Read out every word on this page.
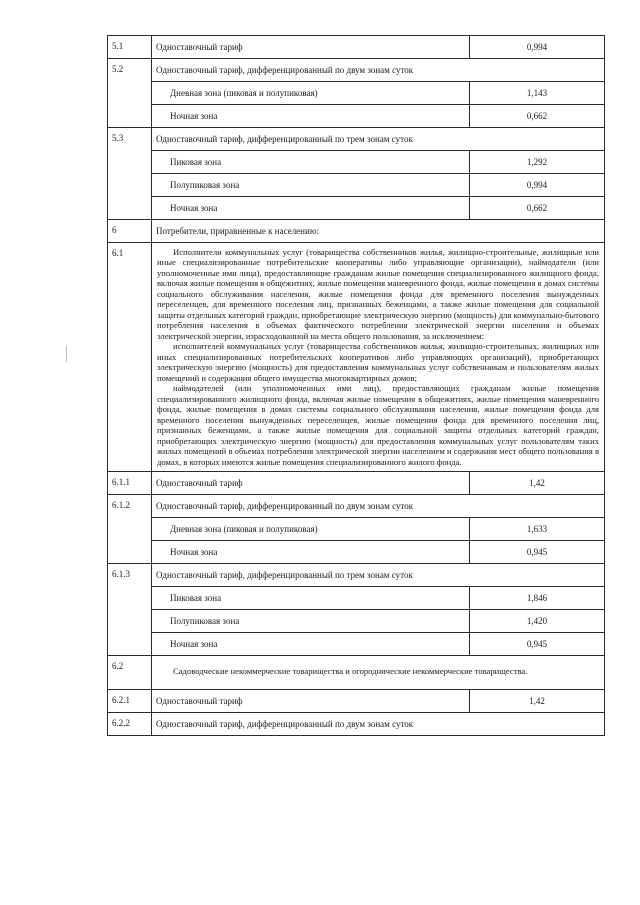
5.1	Одноставочный тариф	0,994
5.2	Одноставочный тариф, дифференцированный по двум зонам суток	
	Дневная зона (пиковая и полупиковая)	1,143
	Ночная зона	0,662
5.3	Одноставочный тариф, дифференцированный по трем зонам суток	
	Пиковая зона	1,292
	Полупиковая зона	0,994
	Ночная зона	0,662
6	Потребители, приравненные к населению:	
6.1	Исполнители коммунальных услуг (товарищества собственников жилья, жилищно-строительные, жилищные или иные специализированные потребительские кооперативы либо управляющие организации), наймодатели (или уполномоченные ими лица), предоставляющие гражданам жилые помещения специализированного жилищного фонда, включая жилые помещения в общежитиях, жилые помещения маневренного фонда, жилые помещения в домах системы социального обслуживания населения, жилые помещения фонда для временного поселения вынужденных переселенцев, для временного поселения лиц, признанных беженцами, а также жилые помещения для социальной защиты отдельных категорий граждан, приобретающие электрическую энергию (мощность) для коммунально-бытового потребления населения в объемах фактического потребления электрической энергии населения и объемах электрической энергии, израсходованной на места общего пользования, за исключением:

исполнителей коммунальных услуг (товарищества собственников жилья, жилищно-строительных, жилищных или иных специализированных потребительских кооперативов либо управляющих организаций), приобретающих электрическую энергию (мощность) для предоставления коммунальных услуг собственникам и пользователям жилых помещений и содержания общего имущества многоквартирных домов;

наймодателей (или уполномоченных ими лиц), предоставляющих гражданам жилые помещения специализированного жилищного фонда, включая жилые помещения в общежитиях, жилые помещения маневренного фонда, жилые помещения в домах системы социального обслуживания населения, жилые помещения фонда для временного поселения вынужденных переселенцев, жилые помещения фонда для временного поселения лиц, признанных беженцами, а также жилые помещения для социальной защиты отдельных категорий граждан, приобретающих электрическую энергию (мощность) для предоставления коммунальных услуг пользователям таких жилых помещений в объемах потребления электрической энергии населением и содержания мест общего пользования в домах, в которых имеются жилые помещения специализированного жилого фонда.	

6.1.1	Одноставочный тариф	1,42
6.1.2	Одноставочный тариф, дифференцированный по двум зонам суток	
	Дневная зона (пиковая и полупиковая)	1,633
	Ночная зона	0,945
6.1.3	Одноставочный тариф, дифференцированный по трем зонам суток	
	Пиковая зона	1,846
	Полупиковая зона	1,420
	Ночная зона	0,945
6.2	Садоводческие некоммерческие товарищества и огороднические некоммерческие товарищества.	

6.2.1	Одноставочный тариф	1,42
6.2.2	Одноставочный тариф, дифференцированный по двум зонам суток	
